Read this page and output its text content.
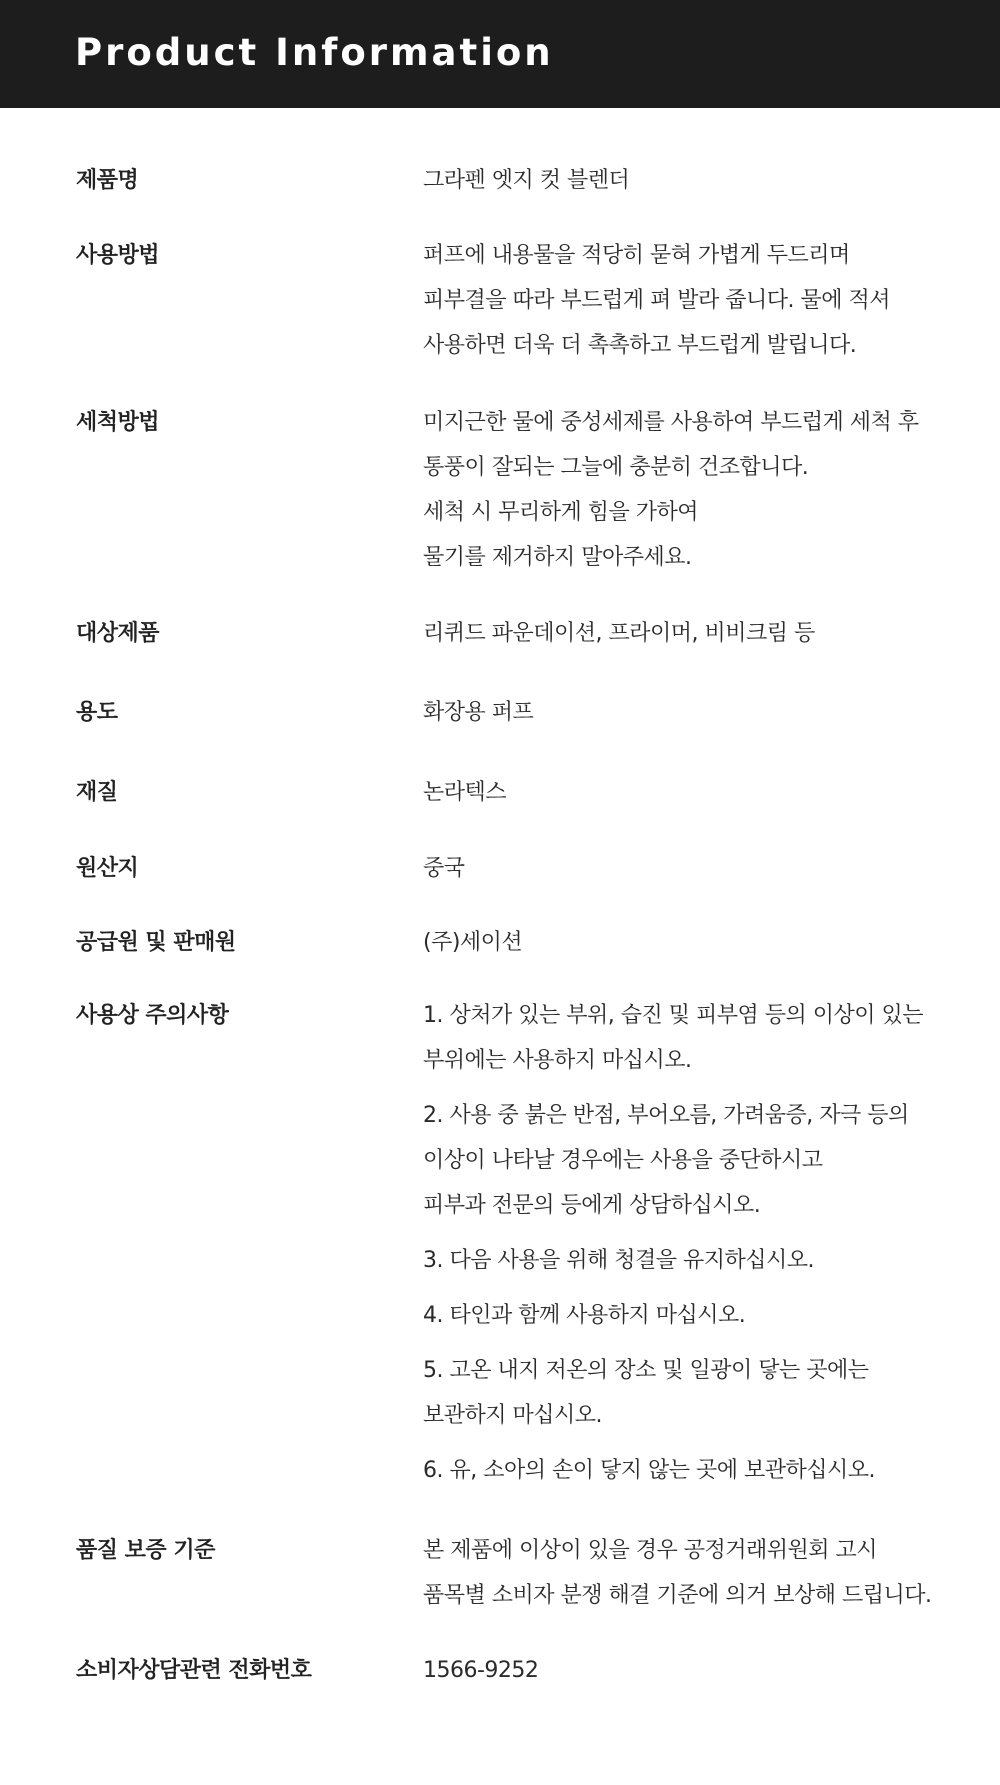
Product Information
제품명	그라펜 엣지 컷 블렌더
사용방법	퍼프에 내용물을 적당히 묻혀 가볍게 두드리며
피부결을 따라 부드럽게 펴 발라 줍니다. 물에 적셔
사용하면 더욱 더 촉촉하고 부드럽게 발립니다.
세척방법	미지근한 물에 중성세제를 사용하여 부드럽게 세척 후
통풍이 잘되는 그늘에 충분히 건조합니다.
세척 시 무리하게 힘을 가하여
물기를 제거하지 말아주세요.
대상제품	리퀴드 파운데이션, 프라이머, 비비크림 등
용도	화장용 퍼프
재질	논라텍스
원산지	중국
공급원 및 판매원	(주)세이션
사용상 주의사항	1. 상처가 있는 부위, 습진 및 피부염 등의 이상이 있는
부위에는 사용하지 마십시오.
2. 사용 중 붉은 반점, 부어오름, 가려움증, 자극 등의
이상이 나타날 경우에는 사용을 중단하시고
피부과 전문의 등에게 상담하십시오.
3. 다음 사용을 위해 청결을 유지하십시오.
4. 타인과 함께 사용하지 마십시오.
5. 고온 내지 저온의 장소 및 일광이 닿는 곳에는
보관하지 마십시오.
6. 유, 소아의 손이 닿지 않는 곳에 보관하십시오.
품질 보증 기준	본 제품에 이상이 있을 경우 공정거래위원회 고시
품목별 소비자 분쟁 해결 기준에 의거 보상해 드립니다.
소비자상담관련 전화번호	1566-9252
